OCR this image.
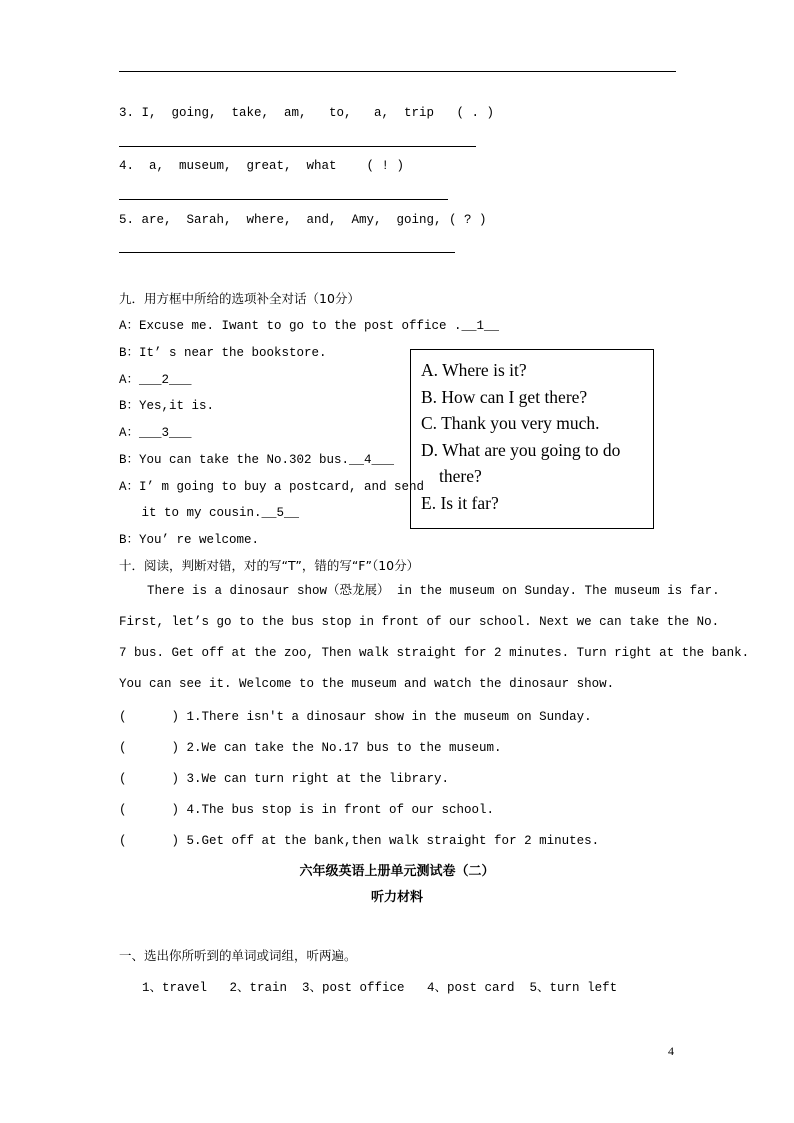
3. I,  going,  take,  am,   to,   a,  trip   ( . )
4.  a,  museum,  great,  what    ( ! )
5. are,  Sarah,  where,  and,  Amy,  going, ( ? )
九．用方框中所给的选项补全对话（10分）
A：Excuse me. Iwant to go to the post office .__1__
B：It’ s near the bookstore.
A：___2___
B：Yes,it is.
A：___3___
B：You can take the No.302 bus.__4___
A：I’ m going to buy a postcard, and send
it to my cousin.__5__
B：You’ re welcome.
A. Where is it?
B. How can I get there?
C. Thank you very much.
D. What are you going to do
there?
E. Is it far?
十．阅读，判断对错，对的写“T”，错的写“F”（10分）
There is a dinosaur show（恐龙展） in the museum on Sunday. The museum is far.
First, let’s go to the bus stop in front of our school. Next we can take the No.
7 bus. Get off at the zoo, Then walk straight for 2 minutes. Turn right at the bank.
You can see it. Welcome to the museum and watch the dinosaur show.
(      ) 1.There isn't a dinosaur show in the museum on Sunday.
(      ) 2.We can take the No.17 bus to the museum.
(      ) 3.We can turn right at the library.
(      ) 4.The bus stop is in front of our school.
(      ) 5.Get off at the bank,then walk straight for 2 minutes.
六年级英语上册单元测试卷（二）
听力材料
一、选出你所听到的单词或词组，听两遍。
1、travel   2、train  3、post office   4、post card  5、turn left
4
